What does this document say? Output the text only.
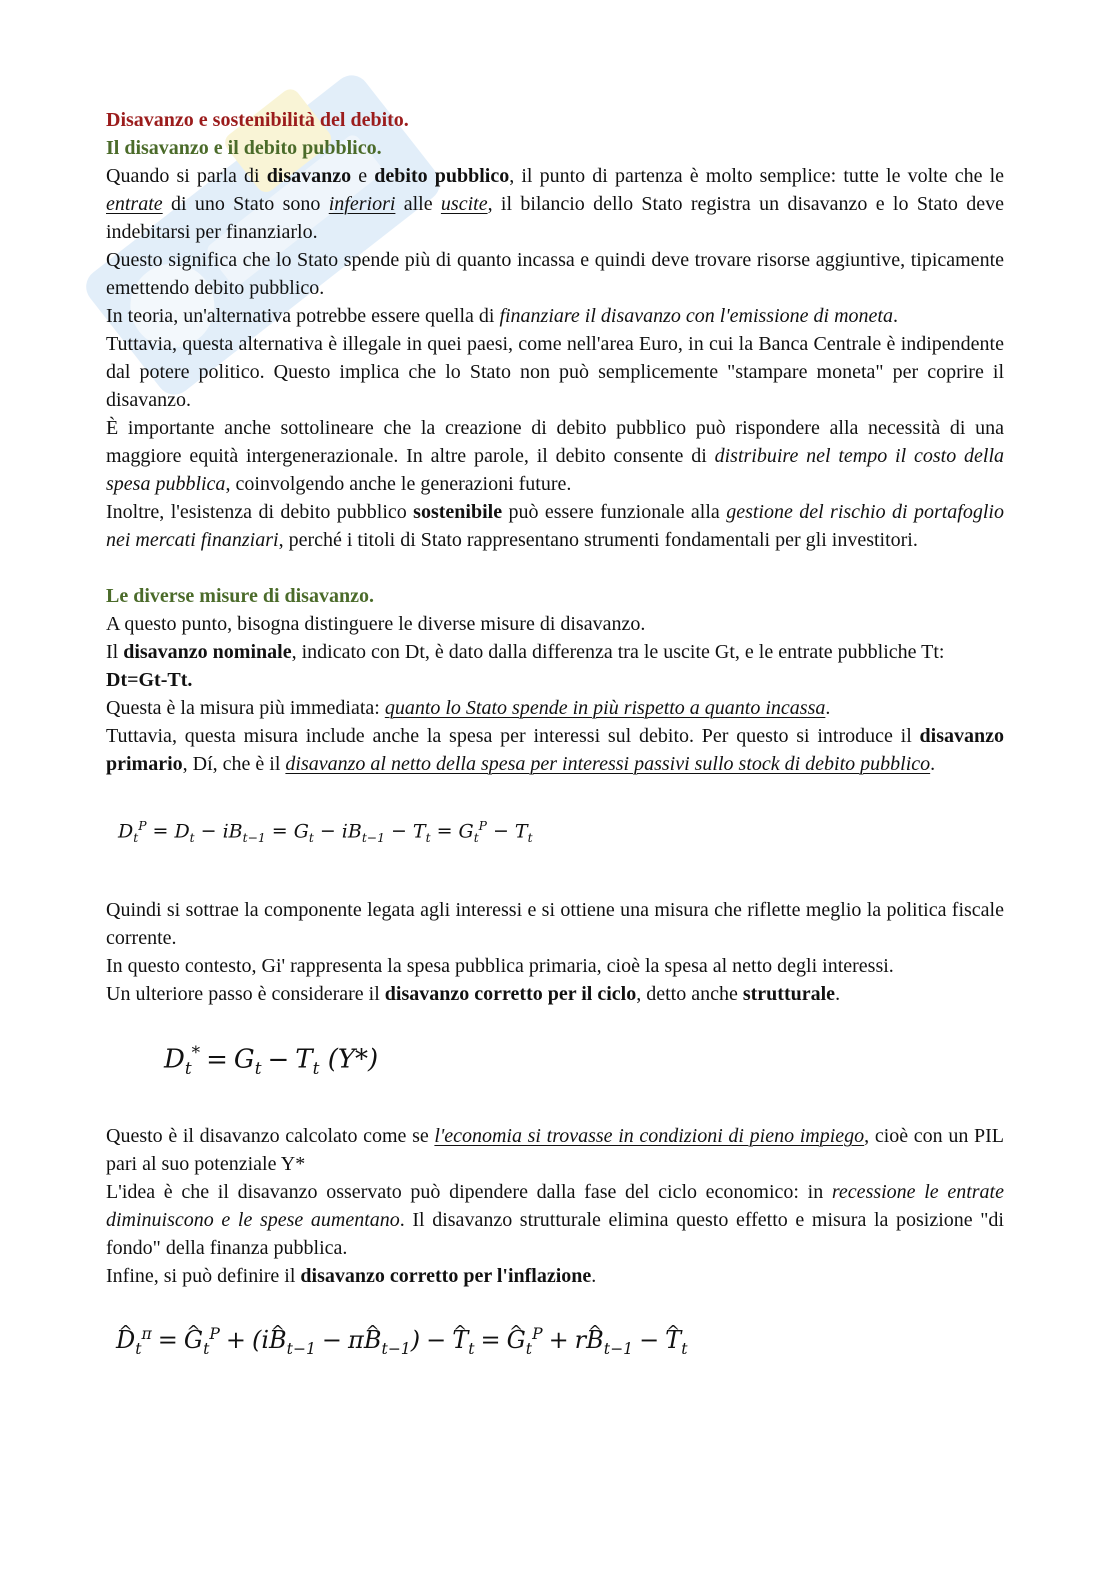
Disavanzo e sostenibilità del debito.

Il disavanzo e il debito pubblico.

Quando si parla di disavanzo e debito pubblico, il punto di partenza è molto semplice: tutte le volte che le entrate di uno Stato sono inferiori alle uscite, il bilancio dello Stato registra un disavanzo e lo Stato deve indebitarsi per finanziarlo.

Questo significa che lo Stato spende più di quanto incassa e quindi deve trovare risorse aggiuntive, tipicamente emettendo debito pubblico.

In teoria, un'alternativa potrebbe essere quella di finanziare il disavanzo con l'emissione di moneta.

Tuttavia, questa alternativa è illegale in quei paesi, come nell'area Euro, in cui la Banca Centrale è indipendente dal potere politico. Questo implica che lo Stato non può semplicemente "stampare moneta" per coprire il disavanzo.

È importante anche sottolineare che la creazione di debito pubblico può rispondere alla necessità di una maggiore equità intergenerazionale. In altre parole, il debito consente di distribuire nel tempo il costo della spesa pubblica, coinvolgendo anche le generazioni future.

Inoltre, l'esistenza di debito pubblico sostenibile può essere funzionale alla gestione del rischio di portafoglio nei mercati finanziari, perché i titoli di Stato rappresentano strumenti fondamentali per gli investitori.

Le diverse misure di disavanzo.

A questo punto, bisogna distinguere le diverse misure di disavanzo.

Il disavanzo nominale, indicato con Dt, è dato dalla differenza tra le uscite Gt, e le entrate pubbliche Tt:

Dt=Gt-Tt.

Questa è la misura più immediata: quanto lo Stato spende in più rispetto a quanto incassa.

Tuttavia, questa misura include anche la spesa per interessi sul debito. Per questo si introduce il disavanzo primario, Dí, che è il disavanzo al netto della spesa per interessi passivi sullo stock di debito pubblico.

$D_t^P = D_t - iB_{t-1} = G_t - iB_{t-1} - T_t = G_t^P - T_t$

Quindi si sottrae la componente legata agli interessi e si ottiene una misura che riflette meglio la politica fiscale corrente.

In questo contesto, Gi' rappresenta la spesa pubblica primaria, cioè la spesa al netto degli interessi.

Un ulteriore passo è considerare il disavanzo corretto per il ciclo, detto anche strutturale.

$D_t^* = G_t - T_t$ (Y*)

Questo è il disavanzo calcolato come se l'economia si trovasse in condizioni di pieno impiego, cioè con un PIL pari al suo potenziale Y*

L'idea è che il disavanzo osservato può dipendere dalla fase del ciclo economico: in recessione le entrate diminuiscono e le spese aumentano. Il disavanzo strutturale elimina questo effetto e misura la posizione "di fondo" della finanza pubblica.

Infine, si può definire il disavanzo corretto per l'inflazione.

^ $D_t^\pi$ = ^ $G_t^P$ + (i^ $B_{t-1}$ − π^ $B_{t-1}$) − ^ $T_t$ = ^ $G_t^P$ + r^ $B_{t-1}$ − ^ $T_t$
